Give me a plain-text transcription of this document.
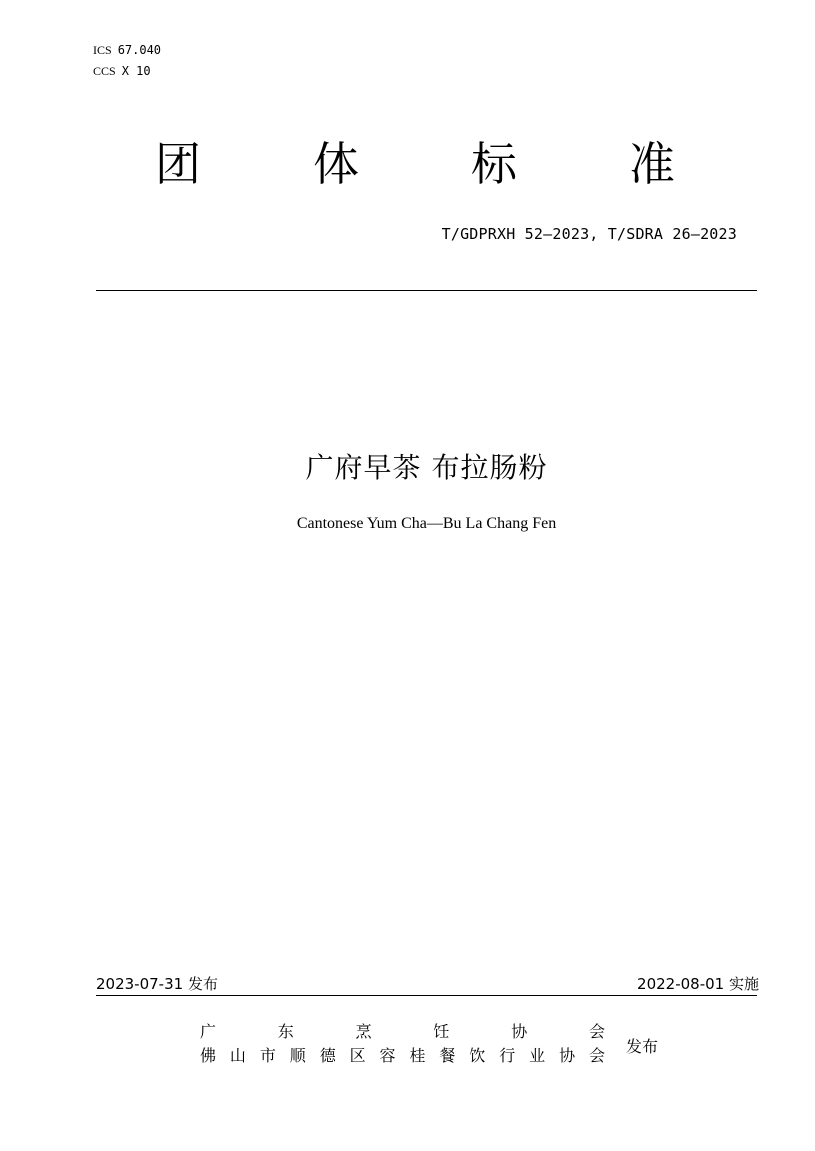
ICS 67.040
CCS X 10
团 体 标 准
T/GDPRXH 52—2023, T/SDRA 26—2023
广府早茶 布拉肠粉
Cantonese Yum Cha—Bu La Chang Fen
2023-07-31 发布	2022-08-01 实施
广	东	烹	饪	协	会
佛 山 市 顺 德 区 容 桂 餐 饮 行 业 协 会 发布
